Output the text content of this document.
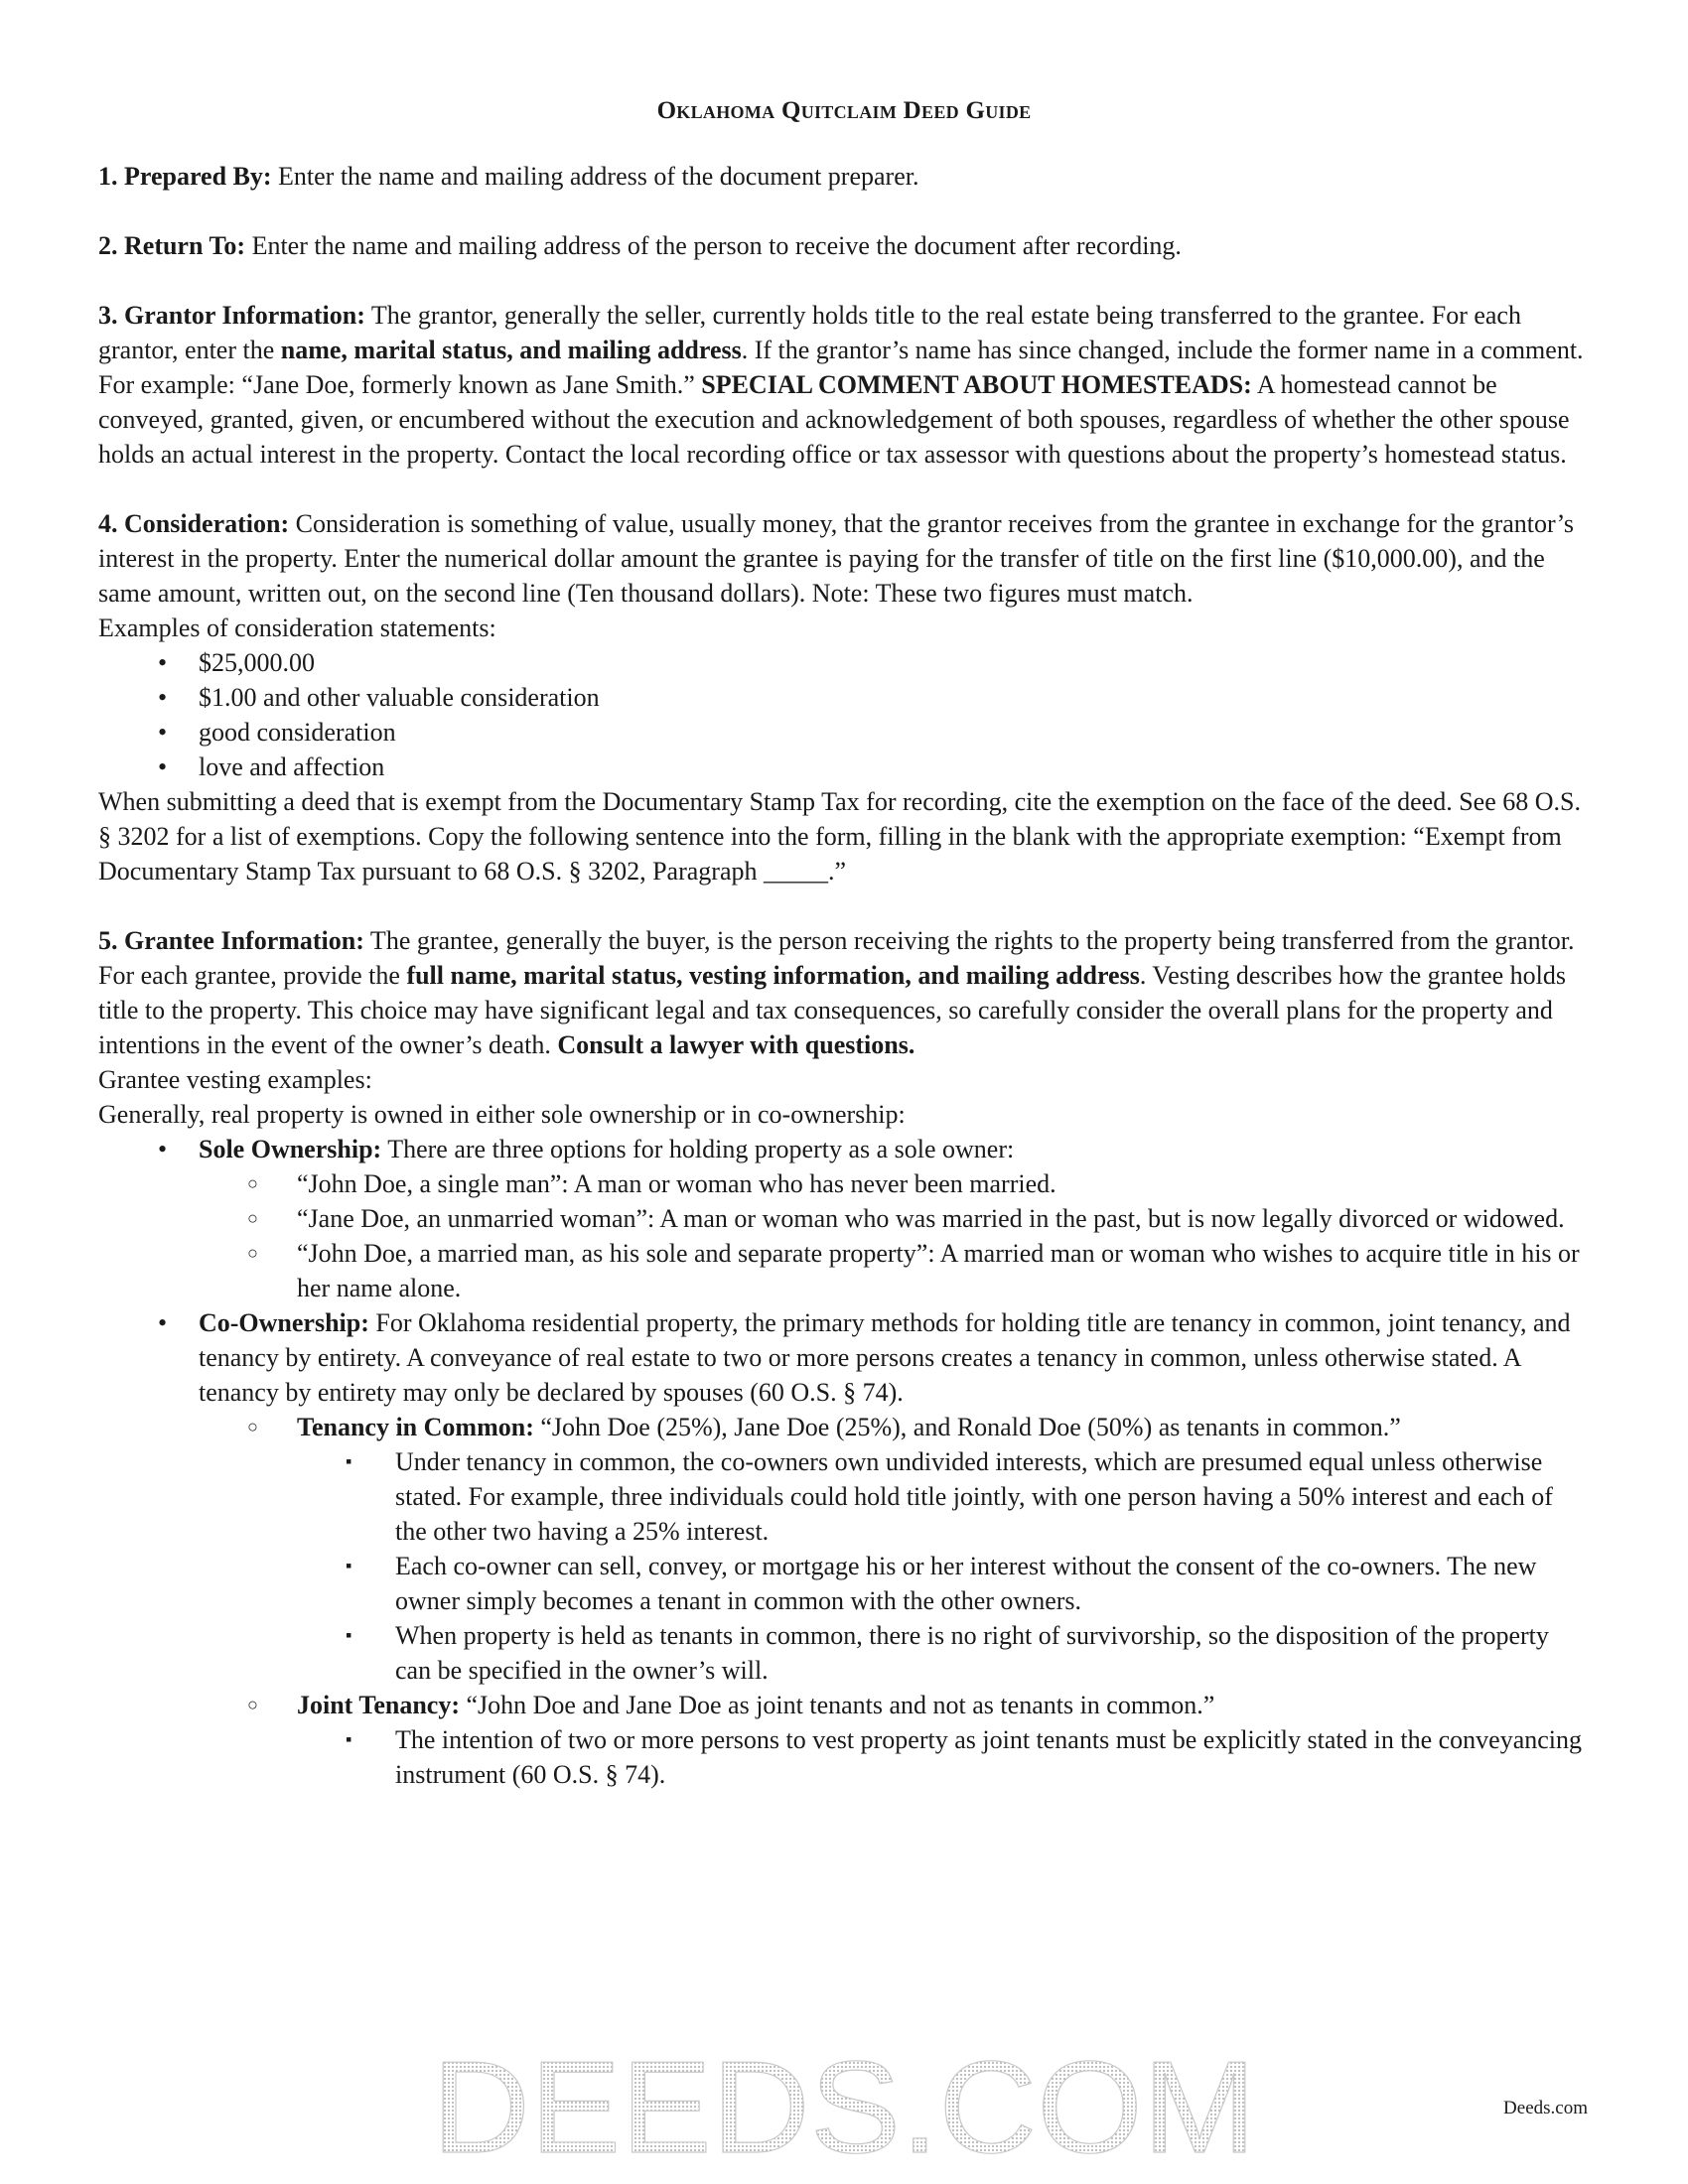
Oklahoma Quitclaim Deed Guide

1. Prepared By: Enter the name and mailing address of the document preparer.

2. Return To: Enter the name and mailing address of the person to receive the document after recording.

3. Grantor Information: The grantor, generally the seller, currently holds title to the real estate being transferred to the grantee. For each grantor, enter the name, marital status, and mailing address. If the grantor’s name has since changed, include the former name in a comment. For example: “Jane Doe, formerly known as Jane Smith.” SPECIAL COMMENT ABOUT HOMESTEADS: A homestead cannot be conveyed, granted, given, or encumbered without the execution and acknowledgement of both spouses, regardless of whether the other spouse holds an actual interest in the property. Contact the local recording office or tax assessor with questions about the property’s homestead status.

4. Consideration: Consideration is something of value, usually money, that the grantor receives from the grantee in exchange for the grantor’s interest in the property. Enter the numerical dollar amount the grantee is paying for the transfer of title on the first line ($10,000.00), and the same amount, written out, on the second line (Ten thousand dollars). Note: These two figures must match.

Examples of consideration statements:

• $25,000.00
• $1.00 and other valuable consideration
• good consideration
• love and affection

When submitting a deed that is exempt from the Documentary Stamp Tax for recording, cite the exemption on the face of the deed. See 68 O.S. § 3202 for a list of exemptions. Copy the following sentence into the form, filling in the blank with the appropriate exemption: “Exempt from Documentary Stamp Tax pursuant to 68 O.S. § 3202, Paragraph _____.”

5. Grantee Information: The grantee, generally the buyer, is the person receiving the rights to the property being transferred from the grantor. For each grantee, provide the full name, marital status, vesting information, and mailing address. Vesting describes how the grantee holds title to the property. This choice may have significant legal and tax consequences, so carefully consider the overall plans for the property and intentions in the event of the owner’s death. Consult a lawyer with questions.

Grantee vesting examples:

Generally, real property is owned in either sole ownership or in co-ownership:

• Sole Ownership: There are three options for holding property as a sole owner:
○ “John Doe, a single man”: A man or woman who has never been married.
○ “Jane Doe, an unmarried woman”: A man or woman who was married in the past, but is now legally divorced or widowed.
○ “John Doe, a married man, as his sole and separate property”: A married man or woman who wishes to acquire title in his or her name alone.
• Co-Ownership: For Oklahoma residential property, the primary methods for holding title are tenancy in common, joint tenancy, and tenancy by entirety. A conveyance of real estate to two or more persons creates a tenancy in common, unless otherwise stated. A tenancy by entirety may only be declared by spouses (60 O.S. § 74).
○ Tenancy in Common: “John Doe (25%), Jane Doe (25%), and Ronald Doe (50%) as tenants in common.”
▪ Under tenancy in common, the co-owners own undivided interests, which are presumed equal unless otherwise stated. For example, three individuals could hold title jointly, with one person having a 50% interest and each of the other two having a 25% interest.
▪ Each co-owner can sell, convey, or mortgage his or her interest without the consent of the co-owners. The new owner simply becomes a tenant in common with the other owners.
▪ When property is held as tenants in common, there is no right of survivorship, so the disposition of the property can be specified in the owner’s will.
○ Joint Tenancy: “John Doe and Jane Doe as joint tenants and not as tenants in common.”
▪ The intention of two or more persons to vest property as joint tenants must be explicitly stated in the conveyancing instrument (60 O.S. § 74).
DEEDS.COM	Deeds.com
